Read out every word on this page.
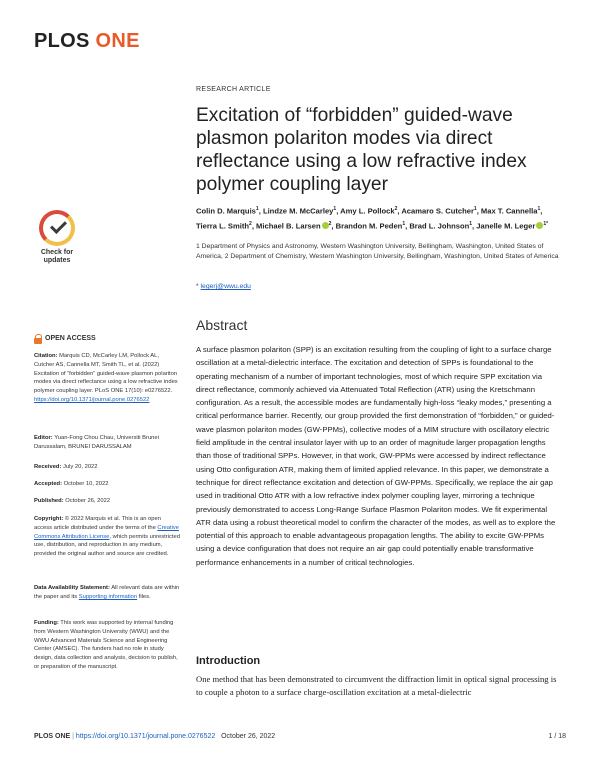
PLOS ONE
RESEARCH ARTICLE
Excitation of “forbidden” guided-wave plasmon polariton modes via direct reflectance using a low refractive index polymer coupling layer
Colin D. Marquis$^1$, Lindze M. McCarley$^1$, Amy L. Pollock$^2$, Acamaro S. Cutcher$^1$, Max T. Cannella$^1$, Tierra L. Smith$^2$, Michael B. Larsen $^2$, Brandon M. Peden$^1$, Brad L. Johnson$^1$, Janelle M. Leger $^{1*}$
1 Department of Physics and Astronomy, Western Washington University, Bellingham, Washington, United States of America, 2 Department of Chemistry, Western Washington University, Bellingham, Washington, United States of America
* legerj@wwu.edu
Check for
updates
OPEN ACCESS
Citation: Marquis CD, McCarley LM, Pollock AL, Cutcher AS, Cannella MT, Smith TL, et al. (2022) Excitation of “forbidden” guided-wave plasmon polariton modes via direct reflectance using a low refractive index polymer coupling layer. PLoS ONE 17(10): e0276522. https://doi.org/10.1371/journal.pone.0276522
Editor: Yuan-Fong Chou Chau, Universiti Brunei Darussalam, BRUNEI DARUSSALAM
Received: July 20, 2022
Accepted: October 10, 2022
Published: October 26, 2022
Copyright: © 2022 Marquis et al. This is an open access article distributed under the terms of the Creative Commons Attribution License, which permits unrestricted use, distribution, and reproduction in any medium, provided the original author and source are credited.
Data Availability Statement: All relevant data are within the paper and its Supporting information files.
Funding: This work was supported by internal funding from Western Washington University (WWU) and the WWU Advanced Materials Science and Engineering Center (AMSEC). The funders had no role in study design, data collection and analysis, decision to publish, or preparation of the manuscript.
Abstract
A surface plasmon polariton (SPP) is an excitation resulting from the coupling of light to a surface charge oscillation at a metal-dielectric interface. The excitation and detection of SPPs is foundational to the operating mechanism of a number of important technologies, most of which require SPP excitation via direct reflectance, commonly achieved via Attenuated Total Reflection (ATR) using the Kretschmann configuration. As a result, the accessible modes are fundamentally high-loss “leaky modes,” presenting a critical performance barrier. Recently, our group provided the first demonstration of “forbidden,” or guided-wave plasmon polariton modes (GW-PPMs), collective modes of a MIM structure with oscillatory electric field amplitude in the central insulator layer with up to an order of magnitude larger propagation lengths than those of traditional SPPs. However, in that work, GW-PPMs were accessed by indirect reflectance using Otto configuration ATR, making them of limited applied relevance. In this paper, we demonstrate a technique for direct reflectance excitation and detection of GW-PPMs. Specifically, we replace the air gap used in traditional Otto ATR with a low refractive index polymer coupling layer, mirroring a technique previously demonstrated to access Long-Range Surface Plasmon Polariton modes. We fit experimental ATR data using a robust theoretical model to confirm the character of the modes, as well as to explore the potential of this approach to enable advantageous propagation lengths. The ability to excite GW-PPMs using a device configuration that does not require an air gap could potentially enable transformative performance enhancements in a number of critical technologies.
Introduction
One method that has been demonstrated to circumvent the diffraction limit in optical signal processing is to couple a photon to a surface charge-oscillation excitation at a metal-dielectric
PLOS ONE | https://doi.org/10.1371/journal.pone.0276522 October 26, 2022	1 / 18
